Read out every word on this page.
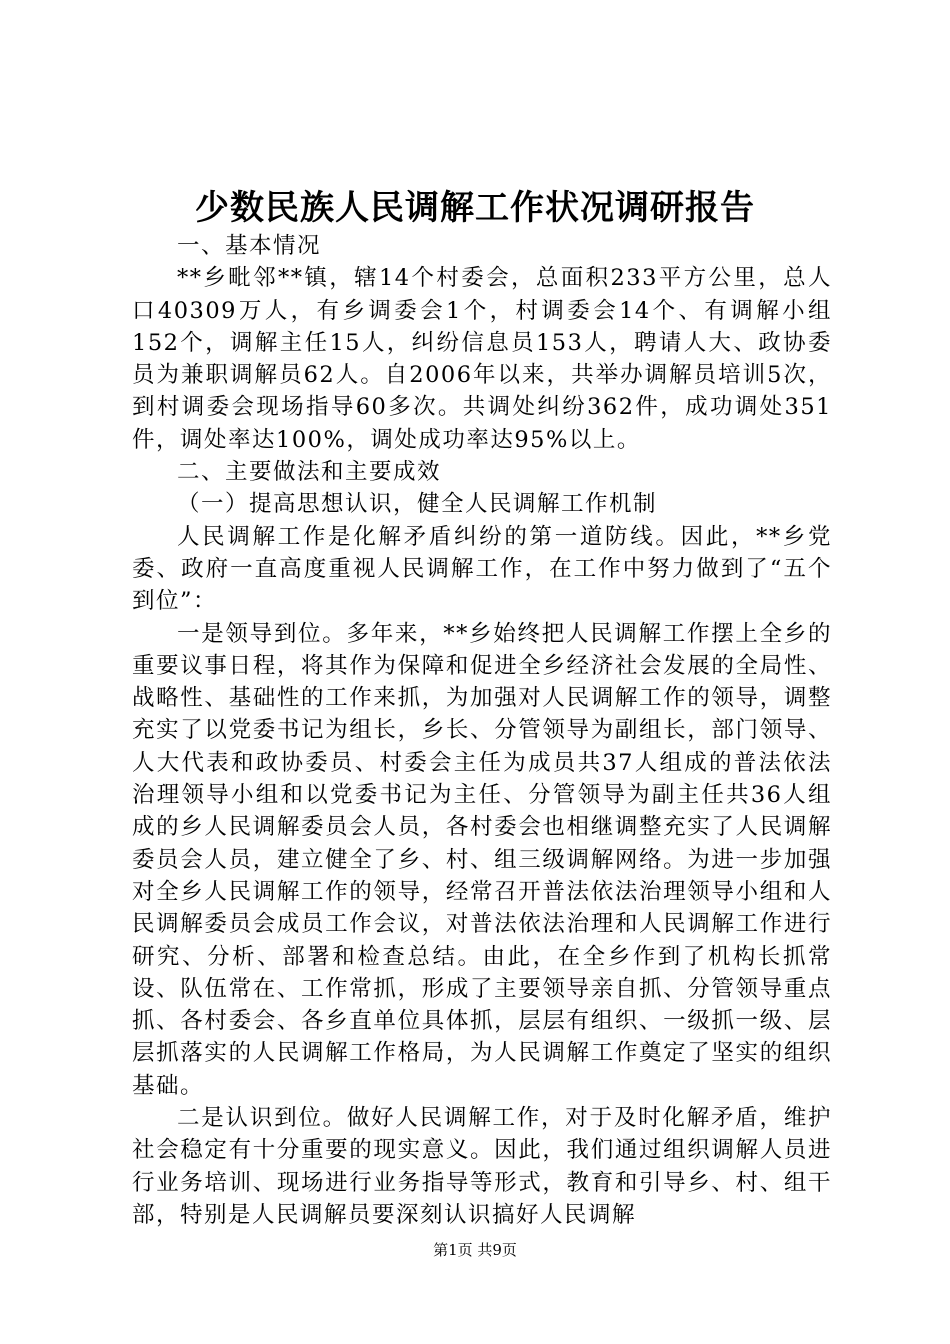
少数民族人民调解工作状况调研报告

一、基本情况

**乡毗邻**镇，辖14个村委会，总面积233平方公里，总人口40309万人，有乡调委会1个，村调委会14个、有调解小组152个，调解主任15人，纠纷信息员153人，聘请人大、政协委员为兼职调解员62人。自2006年以来，共举办调解员培训5次，到村调委会现场指导60多次。共调处纠纷362件，成功调处351件，调处率达100%，调处成功率达95%以上。

二、主要做法和主要成效

（一）提高思想认识，健全人民调解工作机制

人民调解工作是化解矛盾纠纷的第一道防线。因此，**乡党委、政府一直高度重视人民调解工作，在工作中努力做到了“五个到位”：

一是领导到位。多年来，**乡始终把人民调解工作摆上全乡的重要议事日程，将其作为保障和促进全乡经济社会发展的全局性、战略性、基础性的工作来抓，为加强对人民调解工作的领导，调整充实了以党委书记为组长，乡长、分管领导为副组长，部门领导、人大代表和政协委员、村委会主任为成员共37人组成的普法依法治理领导小组和以党委书记为主任、分管领导为副主任共36人组成的乡人民调解委员会人员，各村委会也相继调整充实了人民调解委员会人员，建立健全了乡、村、组三级调解网络。为进一步加强对全乡人民调解工作的领导，经常召开普法依法治理领导小组和人民调解委员会成员工作会议，对普法依法治理和人民调解工作进行研究、分析、部署和检查总结。由此，在全乡作到了机构长抓常设、队伍常在、工作常抓，形成了主要领导亲自抓、分管领导重点抓、各村委会、各乡直单位具体抓，层层有组织、一级抓一级、层层抓落实的人民调解工作格局，为人民调解工作奠定了坚实的组织基础。

二是认识到位。做好人民调解工作，对于及时化解矛盾，维护社会稳定有十分重要的现实意义。因此，我们通过组织调解人员进行业务培训、现场进行业务指导等形式，教育和引导乡、村、组干部，特别是人民调解员要深刻认识搞好人民调解

第1页 共9页
